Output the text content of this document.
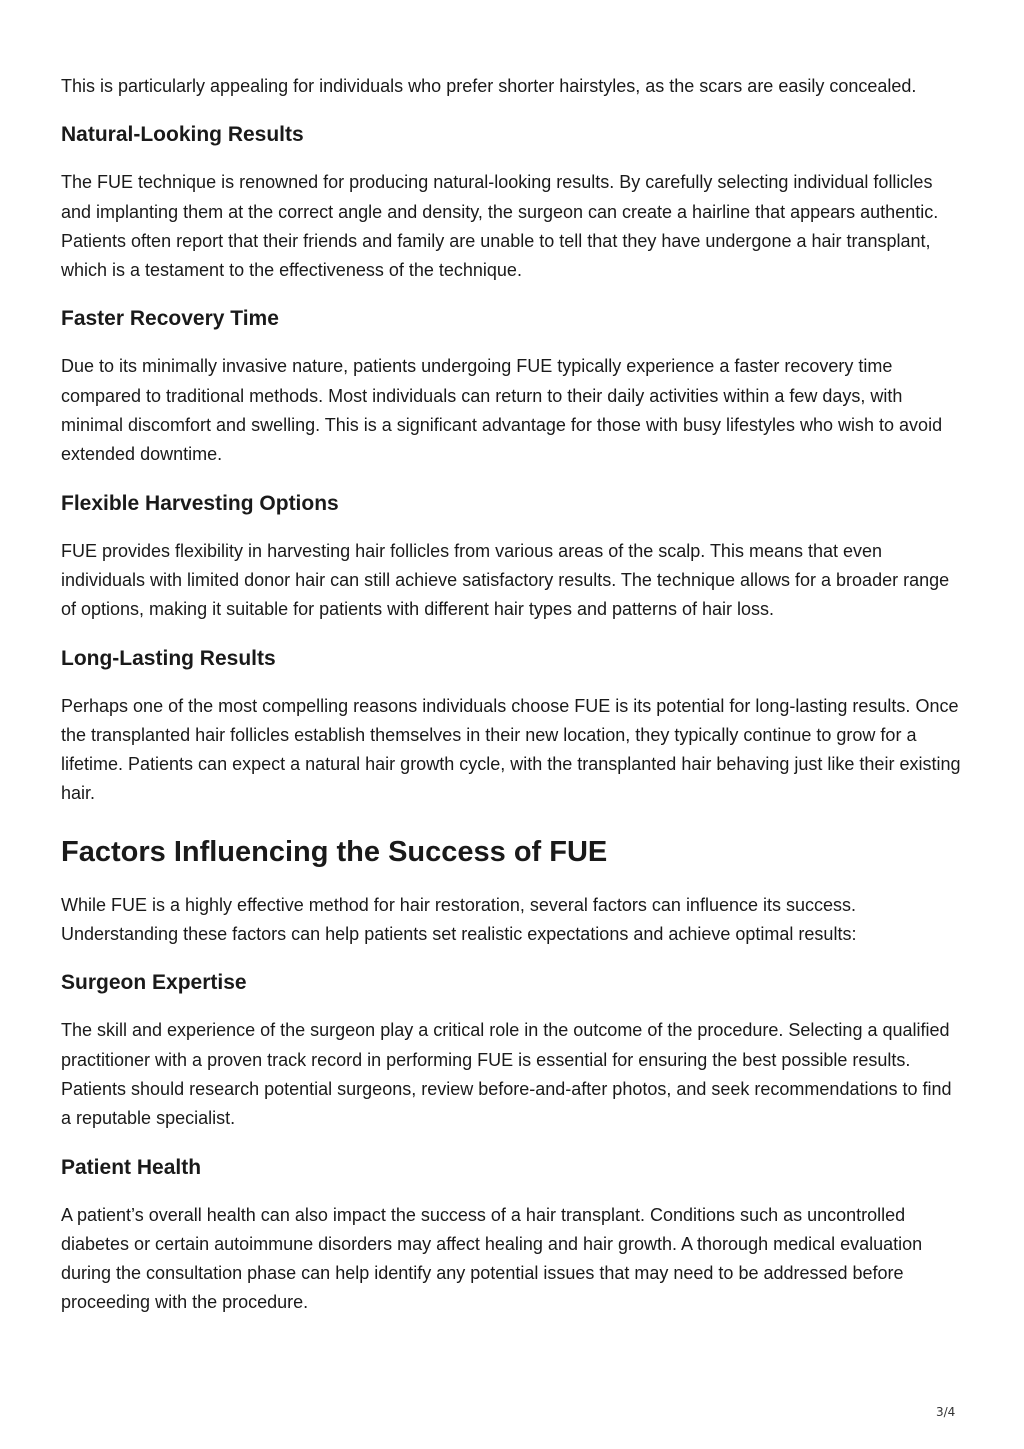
This is particularly appealing for individuals who prefer shorter hairstyles, as the scars are easily concealed.

Natural-Looking Results

The FUE technique is renowned for producing natural-looking results. By carefully selecting individual follicles and implanting them at the correct angle and density, the surgeon can create a hairline that appears authentic. Patients often report that their friends and family are unable to tell that they have undergone a hair transplant, which is a testament to the effectiveness of the technique.

Faster Recovery Time

Due to its minimally invasive nature, patients undergoing FUE typically experience a faster recovery time compared to traditional methods. Most individuals can return to their daily activities within a few days, with minimal discomfort and swelling. This is a significant advantage for those with busy lifestyles who wish to avoid extended downtime.

Flexible Harvesting Options

FUE provides flexibility in harvesting hair follicles from various areas of the scalp. This means that even individuals with limited donor hair can still achieve satisfactory results. The technique allows for a broader range of options, making it suitable for patients with different hair types and patterns of hair loss.

Long-Lasting Results

Perhaps one of the most compelling reasons individuals choose FUE is its potential for long-lasting results. Once the transplanted hair follicles establish themselves in their new location, they typically continue to grow for a lifetime. Patients can expect a natural hair growth cycle, with the transplanted hair behaving just like their existing hair.

Factors Influencing the Success of FUE

While FUE is a highly effective method for hair restoration, several factors can influence its success. Understanding these factors can help patients set realistic expectations and achieve optimal results:

Surgeon Expertise

The skill and experience of the surgeon play a critical role in the outcome of the procedure. Selecting a qualified practitioner with a proven track record in performing FUE is essential for ensuring the best possible results. Patients should research potential surgeons, review before-and-after photos, and seek recommendations to find a reputable specialist.

Patient Health

A patient’s overall health can also impact the success of a hair transplant. Conditions such as uncontrolled diabetes or certain autoimmune disorders may affect healing and hair growth. A thorough medical evaluation during the consultation phase can help identify any potential issues that may need to be addressed before proceeding with the procedure.

3/4
